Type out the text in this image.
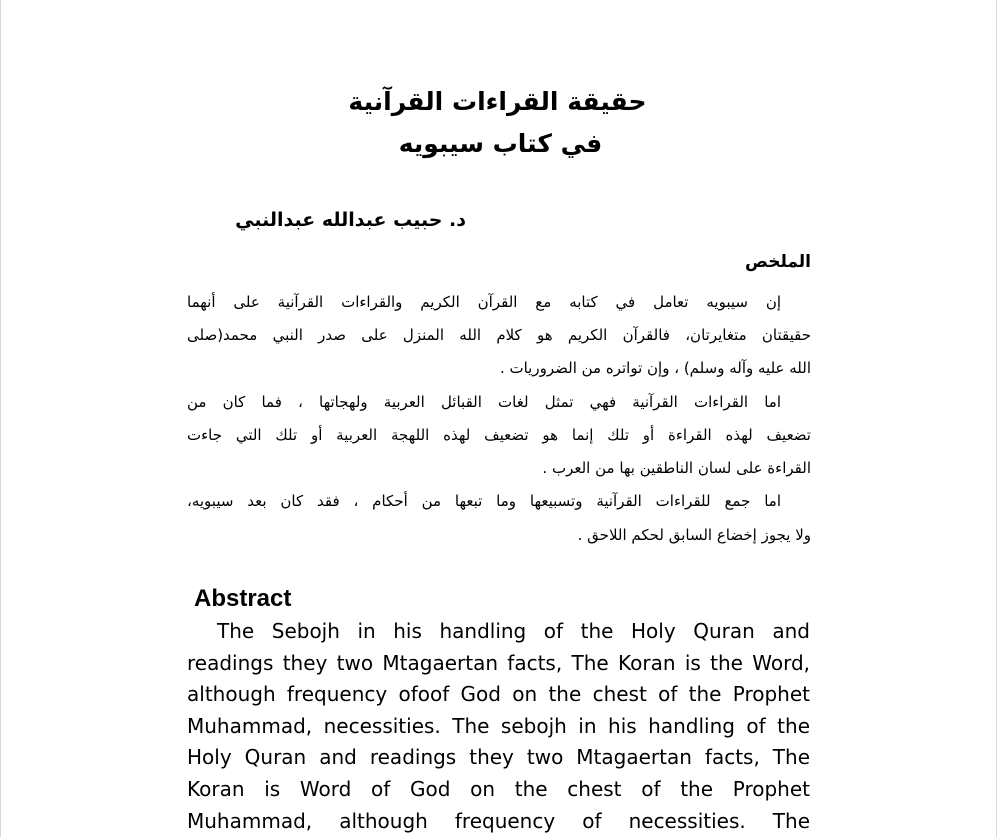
حقيقة القراءات القرآنية
في كتاب سيبويه
د. حبيب عبدالله عبدالنبي
الملخص
إن سيبويه تعامل في كتابه مع القرآن الكريم والقراءات القرآنية على أنهما
حقيقتان متغايرتان، فالقرآن الكريم هو كلام الله المنزل على صدر النبي محمد(صلى
الله عليه وآله وسلم) ، وإن تواتره من الضروريات .
اما القراءات القرآنية فهي تمثل لغات القبائل العربية ولهجاتها ، فما كان من
تضعيف لهذه القراءة أو تلك إنما هو تضعيف لهذه اللهجة العربية أو تلك التي جاءت
القراءة على لسان الناطقين بها من العرب .
اما جمع للقراءات القرآنية وتسبيعها وما تبعها من أحكام ، فقد كان بعد سيبويه،
ولا يجوز إخضاع السابق لحكم اللاحق .
Abstract
The Sebojh in his handling of the Holy Quran and
readings they two Mtagaertan facts, The Koran is the Word,
although frequency ofoof God on the chest of the Prophet
Muhammad, necessities. The sebojh in his handling of the
Holy Quran and readings they two Mtagaertan facts, The
Koran is Word of God on the chest of the Prophet
Muhammad, although frequency of necessities. The
